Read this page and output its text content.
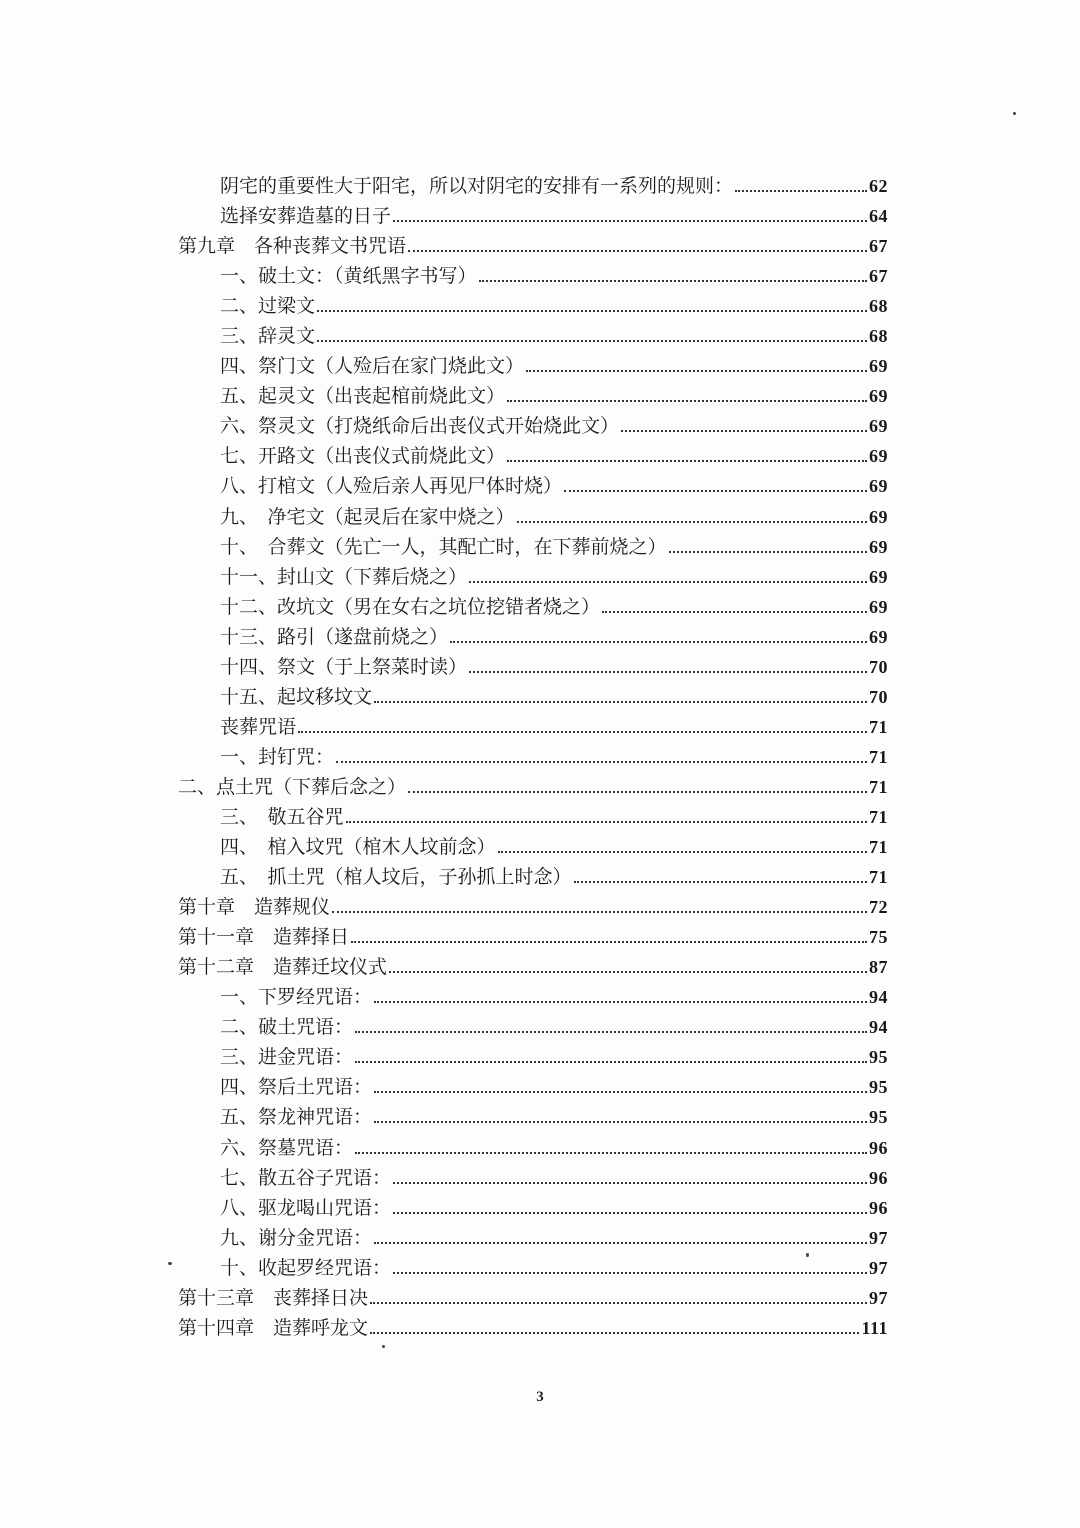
阴宅的重要性大于阳宅，所以对阴宅的安排有一系列的规则：	62
选择安葬造墓的日子	64
第九章　各种丧葬文书咒语	67
一、破土文：（黄纸黑字书写）	67
二、过梁文	68
三、辞灵文	68
四、祭门文（人殓后在家门烧此文）	69
五、起灵文（出丧起棺前烧此文）	69
六、祭灵文（打烧纸命后出丧仪式开始烧此文）	69
七、开路文（出丧仪式前烧此文）	69
八、打棺文（人殓后亲人再见尸体时烧）	69
九、　净宅文（起灵后在家中烧之）	69
十、　合葬文（先亡一人，其配亡时，在下葬前烧之）	69
十一、封山文（下葬后烧之）	69
十二、改坑文（男在女右之坑位挖错者烧之）	69
十三、路引（遂盘前烧之）	69
十四、祭文（于上祭菜时读）	70
十五、起坟移坟文	70
丧葬咒语	71
一、封钉咒：	71
二、点土咒（下葬后念之）	71
三、　敬五谷咒	71
四、　棺入坟咒（棺木人坟前念）	71
五、　抓土咒（棺人坟后，子孙抓上时念）	71
第十章　造葬规仪	72
第十一章　造葬择日	75
第十二章　造葬迁坟仪式	87
一、下罗经咒语：	94
二、破土咒语：	94
三、进金咒语：	95
四、祭后土咒语：	95
五、祭龙神咒语：	95
六、祭墓咒语：	96
七、散五谷子咒语：	96
八、驱龙喝山咒语：	96
九、谢分金咒语：	97
十、收起罗经咒语：	97
第十三章　丧葬择日决	97
第十四章　造葬呼龙文	111
3
